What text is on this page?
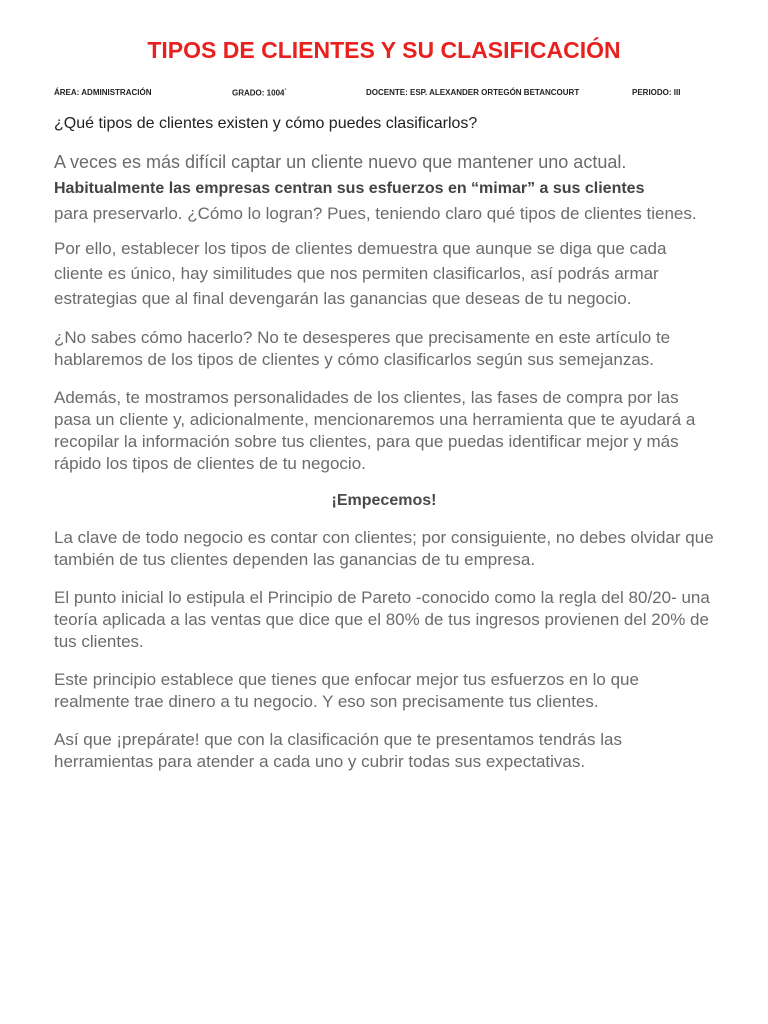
TIPOS DE CLIENTES Y SU CLASIFICACIÓN
ÁREA: ADMINISTRACIÓN	GRADO: 1004°	DOCENTE: ESP. ALEXANDER ORTEGÓN BETANCOURT	PERIODO: III

¿Qué tipos de clientes existen y cómo puedes clasificarlos?

A veces es más difícil captar un cliente nuevo que mantener uno actual.
Habitualmente las empresas centran sus esfuerzos en “mimar” a sus clientes
para preservarlo. ¿Cómo lo logran? Pues, teniendo claro qué tipos de clientes tienes.

Por ello, establecer los tipos de clientes demuestra que aunque se diga que cada cliente es único, hay similitudes que nos permiten clasificarlos, así podrás armar estrategias que al final devengarán las ganancias que deseas de tu negocio.

¿No sabes cómo hacerlo? No te desesperes que precisamente en este artículo te hablaremos de los tipos de clientes y cómo clasificarlos según sus semejanzas.

Además, te mostramos personalidades de los clientes, las fases de compra por las pasa un cliente y, adicionalmente, mencionaremos una herramienta que te ayudará a recopilar la información sobre tus clientes, para que puedas identificar mejor y más rápido los tipos de clientes de tu negocio.

¡Empecemos!

La clave de todo negocio es contar con clientes; por consiguiente, no debes olvidar que también de tus clientes dependen las ganancias de tu empresa.

El punto inicial lo estipula el Principio de Pareto -conocido como la regla del 80/20- una teoría aplicada a las ventas que dice que el 80% de tus ingresos provienen del 20% de tus clientes.

Este principio establece que tienes que enfocar mejor tus esfuerzos en lo que realmente trae dinero a tu negocio. Y eso son precisamente tus clientes.

Así que ¡prepárate! que con la clasificación que te presentamos tendrás las herramientas para atender a cada uno y cubrir todas sus expectativas.
